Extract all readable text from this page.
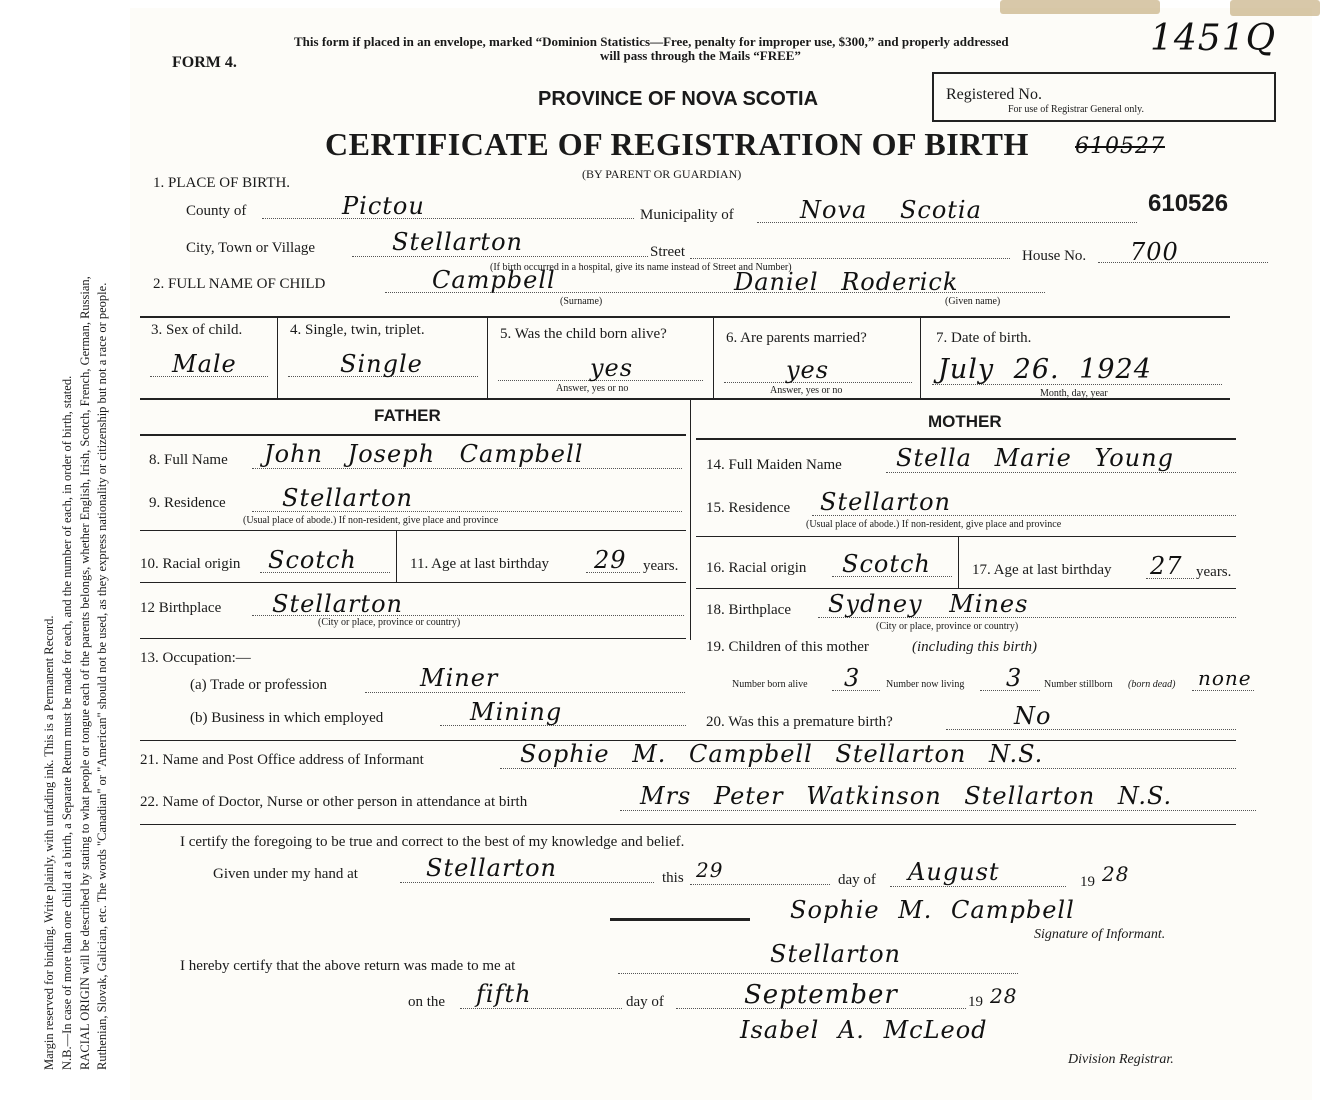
Margin reserved for binding. Write plainly, with unfading ink. This is a Permanent Record. N.B.—In case of more than one child at a birth, a Separate Return must be made for each, and the number of each, in order of birth, stated. RACIAL ORIGIN will be described by stating to what people or tongue each of the parents belongs, whether English, Irish, Scotch, French, German, Russian, Ruthenian, Slovak, Galician, etc. The words "Canadian" or "American" should not be used, as they express nationality or citizenship but not a race or people.
This form if placed in an envelope, marked “Dominion Statistics—Free, penalty for improper use, $300,” and properly addressed
will pass through the Mails “FREE”
FORM 4.
1451Q
PROVINCE OF NOVA SCOTIA
CERTIFICATE OF REGISTRATION OF BIRTH
(BY PARENT OR GUARDIAN)
Registered No.
For use of Registrar General only.
610527
610526
1. PLACE OF BIRTH.
County of	Pictou	Municipality of	Nova Scotia
City, Town or Village	Stellarton	Street
(If birth occurred in a hospital, give its name instead of Street and Number)
House No. 700
2. FULL NAME OF CHILD	Campbell
(Surname)
Daniel Roderick
(Given name)
3. Sex of child.
Male
4. Single, twin, triplet.
Single
5. Was the child born alive?
yes
Answer, yes or no
6. Are parents married?
yes
Answer, yes or no
7. Date of birth.
July 26. 1924
Month, day, year
FATHER	MOTHER
8. Full Name John Joseph Campbell
9. Residence Stellarton
(Usual place of abode.) If non-resident, give place and province
10. Racial origin Scotch	11. Age at last birthday 29 years.
12 Birthplace Stellarton
(City or place, province or country)
13. Occupation:—
(a) Trade or profession	Miner
(b) Business in which employed	Mining
14. Full Maiden Name Stella Marie Young
15. Residence Stellarton
(Usual place of abode.) If non-resident, give place and province
16. Racial origin Scotch	17. Age at last birthday 27 years.
18. Birthplace Sydney Mines
(City or place, province or country)
19. Children of this mother	(including this birth)
Number born alive 3	Number now living 3 Number stillborn (born dead) none
20. Was this a premature birth?	No
21. Name and Post Office address of Informant	Sophie M. Campbell Stellarton N.S.
22. Name of Doctor, Nurse or other person in attendance at birth	Mrs Peter Watkinson Stellarton N.S.
I certify the foregoing to be true and correct to the best of my knowledge and belief.
Given under my hand at	Stellarton	this 29	day of August	19 28
Sophie M. Campbell
Signature of Informant.
I hereby certify that the above return was made to me at	Stellarton
on the fifth	day of	September	19 28
Isabel A. McLeod
Division Registrar.
